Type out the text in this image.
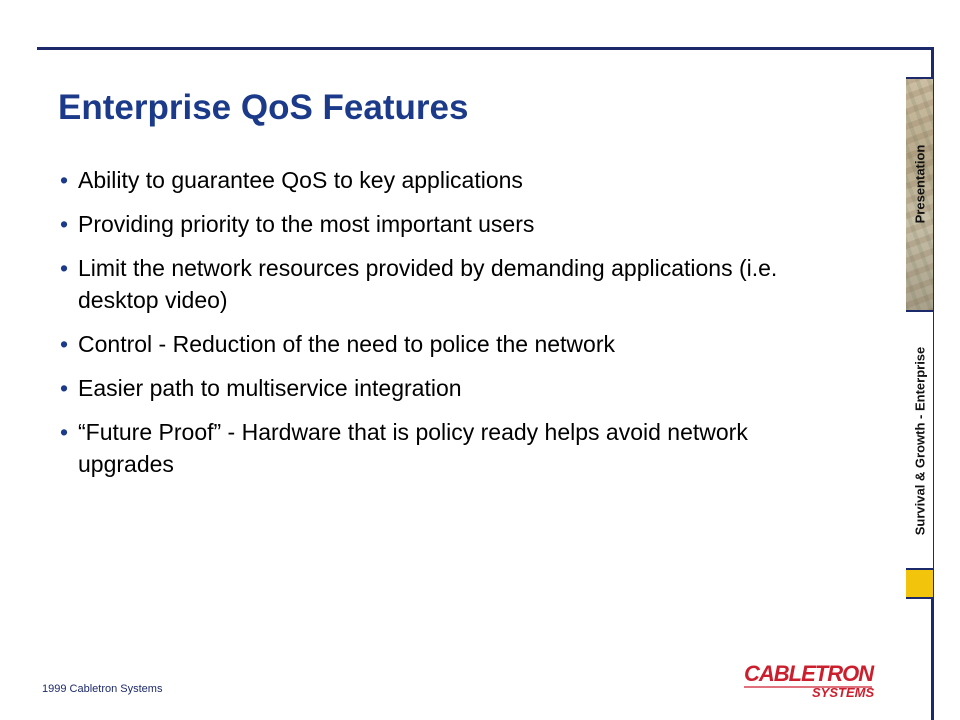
Enterprise QoS Features
• Ability to guarantee QoS to key applications
• Providing priority to the most important users
• Limit the network resources provided by demanding applications (i.e. desktop video)
• Control - Reduction of the need to police the network
• Easier path to multiservice integration
• “Future Proof” - Hardware that is policy ready helps avoid network upgrades
Presentation
Survival & Growth - Enterprise
1999 Cabletron Systems
CABLETRON
SYSTEMS
